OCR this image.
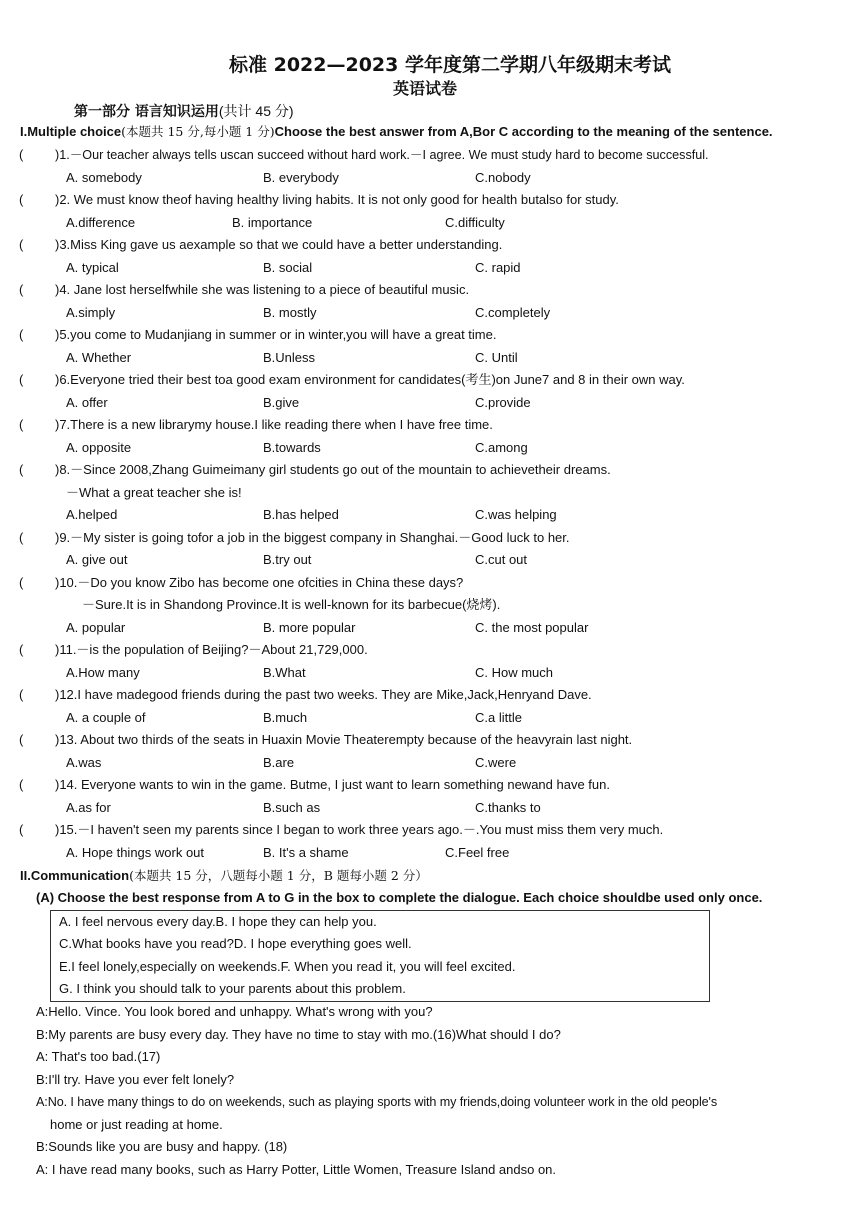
标准 2022—2023 学年度第二学期八年级期末考试
英语试卷
第一部分 语言知识运用(共计 45 分)
I.Multiple choice(本题共 15 分,每小题 1 分)Choose the best answer from A,Bor C according to the meaning of the sentence.
(	)1.－Our teacher always tells uscan succeed without hard work.－I agree. We must study hard to become successful.
A. somebody	B. everybody	C.nobody
( )2. We must know theof having healthy living habits. It is not only good for health butalso for study.
A.difference	B. importance	C.difficulty
( )3.Miss King gave us aexample so that we could have a better understanding.
A. typical	B. social	C. rapid
( )4. Jane lost herselfwhile she was listening to a piece of beautiful music.
A.simply	B. mostly	C.completely
( )5.you come to Mudanjiang in summer or in winter,you will have a great time.
A. Whether	B.Unless	C. Until
( )6.Everyone tried their best toa good exam environment for candidates(考生)on June7 and 8 in their own way.
A. offer	B.give	C.provide
( )7.There is a new librarymy house.I like reading there when I have free time.
A. opposite	B.towards	C.among
( )8.－Since 2008,Zhang Guimeimany girl students go out of the mountain to achievetheir dreams.
－What a great teacher she is!
A.helped	B.has helped	C.was helping
( )9.－My sister is going tofor a job in the biggest company in Shanghai.－Good luck to her.
A. give out	B.try out	C.cut out
( )10.－Do you know Zibo has become one ofcities in China these days?
－Sure.It is in Shandong Province.It is well-known for its barbecue(烧烤).
A. popular	B. more popular	C. the most popular
( )11.－is the population of Beijing?－About 21,729,000.
A.How many	B.What	C. How much
( )12.I have madegood friends during the past two weeks. They are Mike,Jack,Henryand Dave.
A. a couple of	B.much	C.a little
( )13. About two thirds of the seats in Huaxin Movie Theaterempty because of the heavyrain last night.
A.was	B.are	C.were
( )14. Everyone wants to win in the game. Butme, I just want to learn something newand have fun.
A.as for	B.such as	C.thanks to
( )15.－I haven't seen my parents since I began to work three years ago.－.You must miss them very much.
A. Hope things work out	B. It's a shame	C.Feel free
II.Communication(本题共 15 分，八题每小题 1 分，B 题每小题 2 分）
(A) Choose the best response from A to G in the box to complete the dialogue. Each choice shouldbe used only once.
A. I feel nervous every day.B. I hope they can help you.
C.What books have you read?D. I hope everything goes well.
E.I feel lonely,especially on weekends.F. When you read it, you will feel excited.
G. I think you should talk to your parents about this problem.
A:Hello. Vince. You look bored and unhappy. What's wrong with you?
B:My parents are busy every day. They have no time to stay with mo.(16)What should I do?
A: That's too bad.(17)
B:I'll try. Have you ever felt lonely?
A:No. I have many things to do on weekends, such as playing sports with my friends,doing volunteer work in the old people's
home or just reading at home.
B:Sounds like you are busy and happy. (18)
A: I have read many books, such as Harry Potter, Little Women, Treasure Island andso on.
